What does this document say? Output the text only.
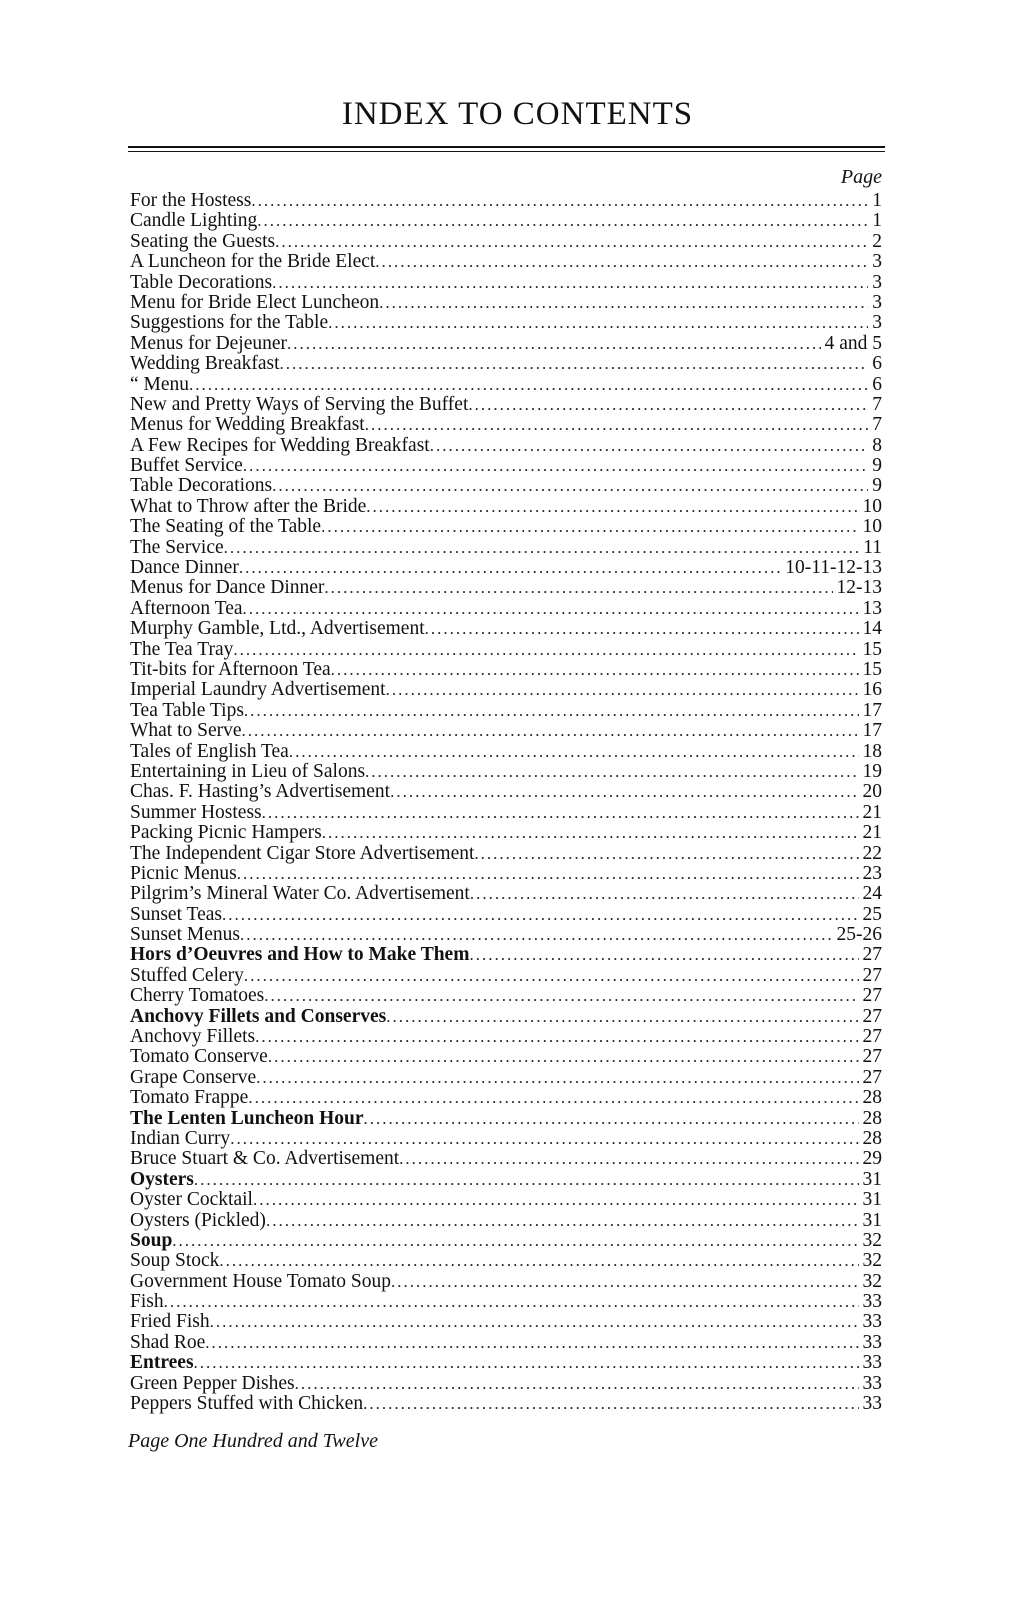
INDEX TO CONTENTS
Page
For the Hostess .....	1
Candle Lighting .....	1
Seating the Guests .....	2
A Luncheon for the Bride Elect .....	3
Table Decorations .....	3
Menu for Bride Elect Luncheon .....	3
Suggestions for the Table .....	3
Menus for Dejeuner .....	4 and 5
Wedding Breakfast .....	6
“ Menu .....	6
New and Pretty Ways of Serving the Buffet .....	7
Menus for Wedding Breakfast .....	7
A Few Recipes for Wedding Breakfast .....	8
Buffet Service .....	9
Table Decorations .....	9
What to Throw after the Bride .....	10
The Seating of the Table .....	10
The Service .....	11
Dance Dinner .....	10-11-12-13
Menus for Dance Dinner .....	12-13
Afternoon Tea .....	13
Murphy Gamble, Ltd., Advertisement .....	14
The Tea Tray .....	15
Tit-bits for Afternoon Tea .....	15
Imperial Laundry Advertisement .....	16
Tea Table Tips .....	17
What to Serve .....	17
Tales of English Tea .....	18
Entertaining in Lieu of Salons .....	19
Chas. F. Hasting’s Advertisement .....	20
Summer Hostess .....	21
Packing Picnic Hampers .....	21
The Independent Cigar Store Advertisement .....	22
Picnic Menus .....	23
Pilgrim’s Mineral Water Co. Advertisement .....	24
Sunset Teas .....	25
Sunset Menus .....	25-26
Hors d’Oeuvres and How to Make Them .....	27
Stuffed Celery .....	27
Cherry Tomatoes .....	27
Anchovy Fillets and Conserves .....	27
Anchovy Fillets .....	27
Tomato Conserve .....	27
Grape Conserve .....	27
Tomato Frappe .....	28
The Lenten Luncheon Hour .....	28
Indian Curry .....	28
Bruce Stuart & Co. Advertisement .....	29
Oysters .....	31
Oyster Cocktail .....	31
Oysters (Pickled) .....	31
Soup .....	32
Soup Stock .....	32
Government House Tomato Soup .....	32
Fish .....	33
Fried Fish .....	33
Shad Roe .....	33
Entrees .....	33
Green Pepper Dishes .....	33
Peppers Stuffed with Chicken .....	33
Page One Hundred and Twelve
